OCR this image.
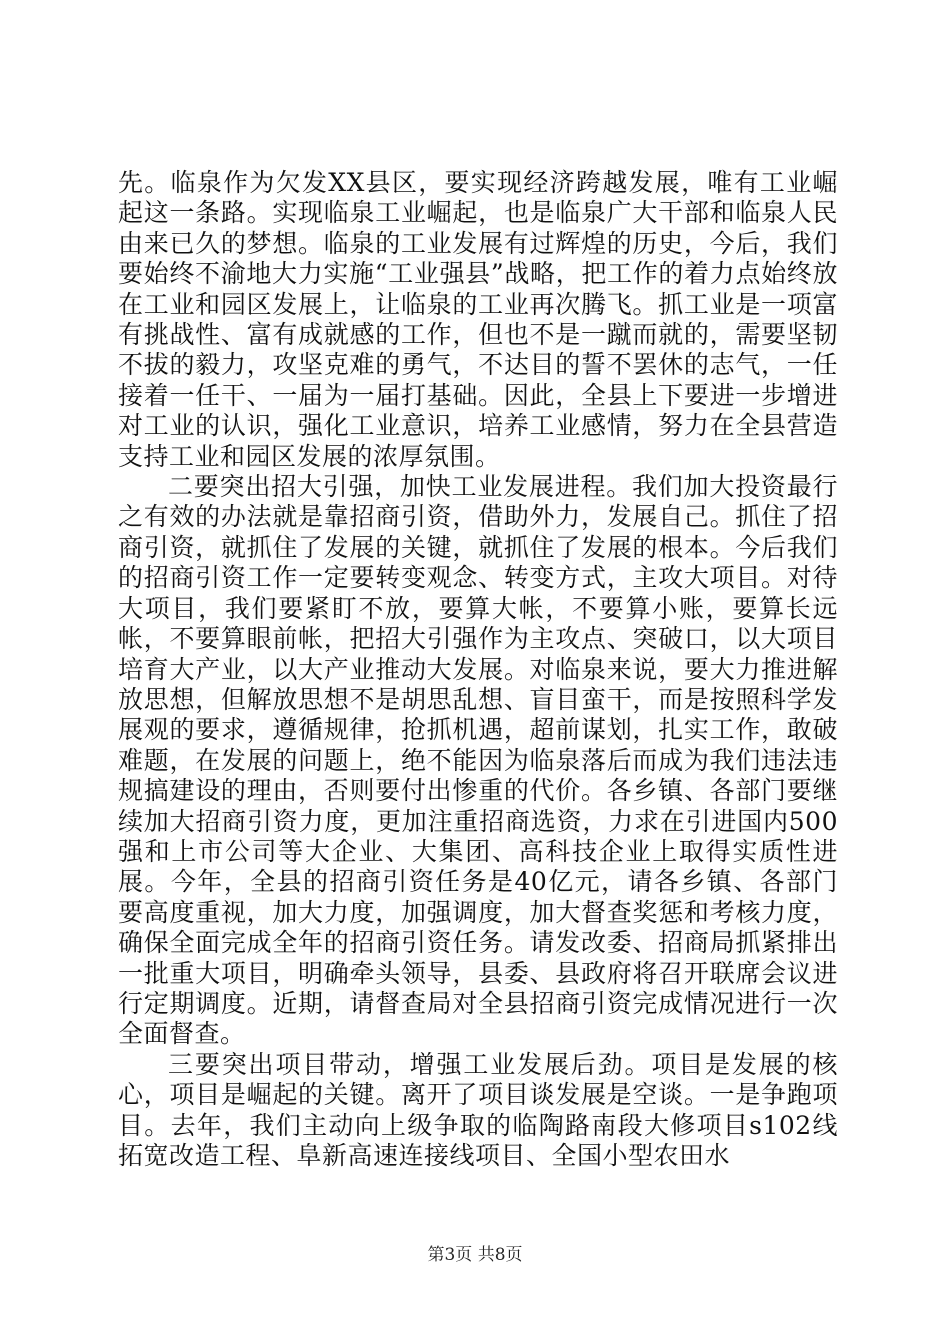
先。临泉作为欠发XX县区，要实现经济跨越发展，唯有工业崛起这一条路。实现临泉工业崛起，也是临泉广大干部和临泉人民由来已久的梦想。临泉的工业发展有过辉煌的历史，今后，我们要始终不渝地大力实施“工业强县”战略，把工作的着力点始终放在工业和园区发展上，让临泉的工业再次腾飞。抓工业是一项富有挑战性、富有成就感的工作，但也不是一蹴而就的，需要坚韧不拔的毅力，攻坚克难的勇气，不达目的誓不罢休的志气，一任接着一任干、一届为一届打基础。因此，全县上下要进一步增进对工业的认识，强化工业意识，培养工业感情，努力在全县营造支持工业和园区发展的浓厚氛围。

二要突出招大引强，加快工业发展进程。我们加大投资最行之有效的办法就是靠招商引资，借助外力，发展自己。抓住了招商引资，就抓住了发展的关键，就抓住了发展的根本。今后我们的招商引资工作一定要转变观念、转变方式，主攻大项目。对待大项目，我们要紧盯不放，要算大帐，不要算小账，要算长远帐，不要算眼前帐，把招大引强作为主攻点、突破口，以大项目培育大产业，以大产业推动大发展。对临泉来说，要大力推进解放思想，但解放思想不是胡思乱想、盲目蛮干，而是按照科学发展观的要求，遵循规律，抢抓机遇，超前谋划，扎实工作，敢破难题，在发展的问题上，绝不能因为临泉落后而成为我们违法违规搞建设的理由，否则要付出惨重的代价。各乡镇、各部门要继续加大招商引资力度，更加注重招商选资，力求在引进国内500强和上市公司等大企业、大集团、高科技企业上取得实质性进展。今年，全县的招商引资任务是40亿元，请各乡镇、各部门要高度重视，加大力度，加强调度，加大督查奖惩和考核力度，确保全面完成全年的招商引资任务。请发改委、招商局抓紧排出一批重大项目，明确牵头领导，县委、县政府将召开联席会议进行定期调度。近期，请督查局对全县招商引资完成情况进行一次全面督查。

三要突出项目带动，增强工业发展后劲。项目是发展的核心，项目是崛起的关键。离开了项目谈发展是空谈。一是争跑项目。去年，我们主动向上级争取的临陶路南段大修项目s102线拓宽改造工程、阜新高速连接线项目、全国小型农田水

第3页 共8页
